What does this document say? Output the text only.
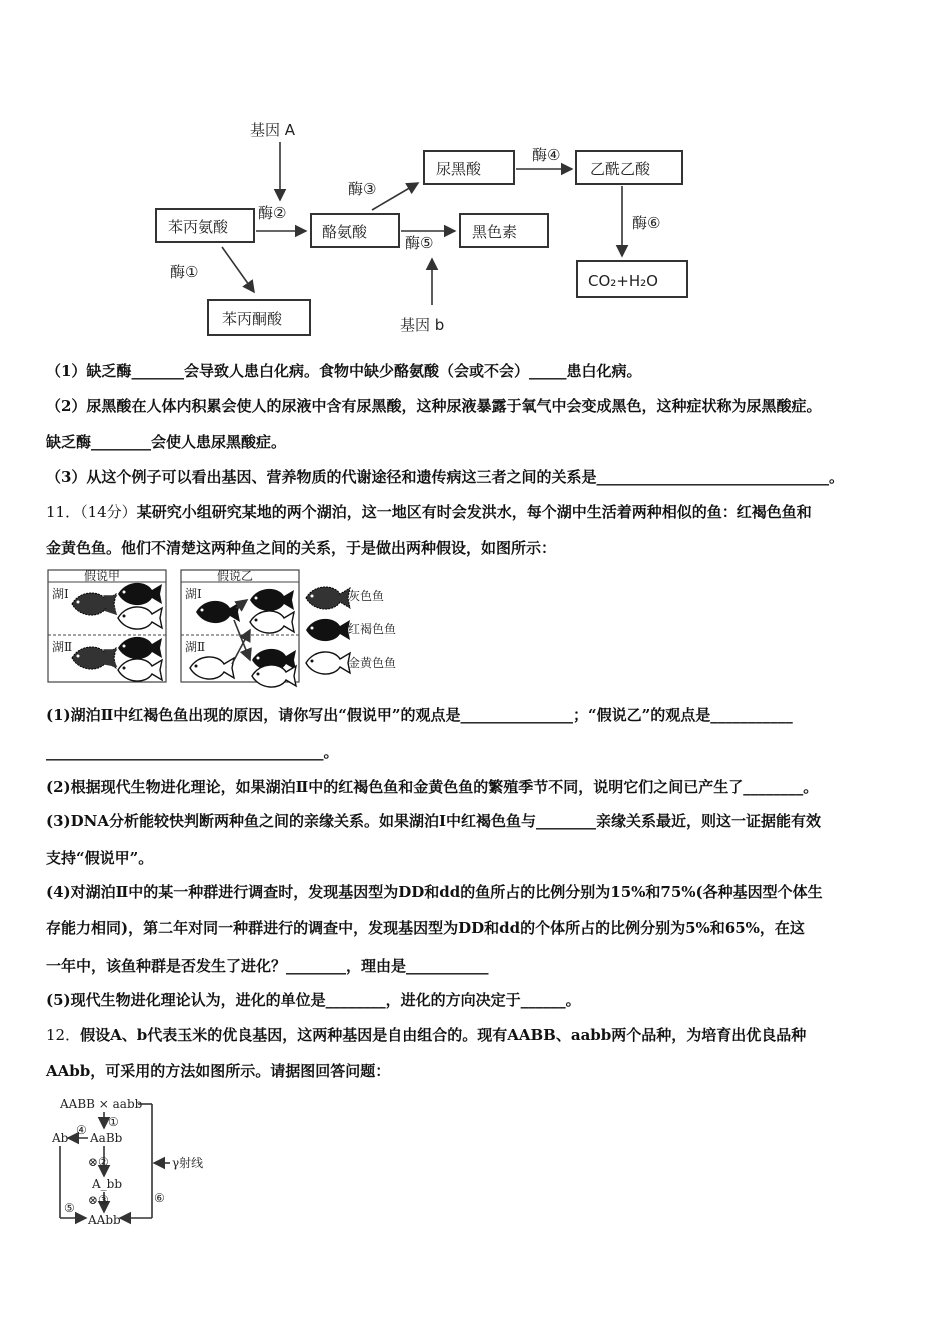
基因 A
酶②
苯丙氨酸	酪氨酸
酶③
尿黑酸
酶④
乙酰乙酸
酶⑥
CO₂+H₂O
酶⑤
黑色素
基因 b
酶①
苯丙酮酸
（1）缺乏酶_______会导致人患白化病。食物中缺少酪氨酸（会或不会）_____患白化病。
（2）尿黑酸在人体内积累会使人的尿液中含有尿黑酸，这种尿液暴露于氧气中会变成黑色，这种症状称为尿黑酸症。
缺乏酶________会使人患尿黑酸症。
（3）从这个例子可以看出基因、营养物质的代谢途径和遗传病这三者之间的关系是_______________________________。
11．（14分）某研究小组研究某地的两个湖泊，这一地区有时会发洪水，每个湖中生活着两种相似的鱼：红褐色鱼和
金黄色鱼。他们不清楚这两种鱼之间的关系，于是做出两种假设，如图所示：
假说甲
湖Ⅰ
湖Ⅱ
假说乙
湖Ⅰ
湖Ⅱ
灰色鱼
红褐色鱼
金黄色鱼
(1)湖泊Ⅱ中红褐色鱼出现的原因，请你写出“假说甲”的观点是_______________；“假说乙”的观点是___________
_____________________________________。
(2)根据现代生物进化理论，如果湖泊Ⅱ中的红褐色鱼和金黄色鱼的繁殖季节不同，说明它们之间已产生了________。
(3)DNA分析能较快判断两种鱼之间的亲缘关系。如果湖泊Ⅰ中红褐色鱼与________亲缘关系最近，则这一证据能有效
支持“假说甲”。
(4)对湖泊Ⅱ中的某一种群进行调查时，发现基因型为DD和dd的鱼所占的比例分别为15%和75%(各种基因型个体生
存能力相同)，第二年对同一种群进行的调查中，发现基因型为DD和dd的个体所占的比例分别为5%和65%，在这
一年中，该鱼种群是否发生了进化？________，理由是___________
(5)现代生物进化理论认为，进化的单位是________，进化的方向决定于______。
12．假设A、b代表玉米的优良基因，这两种基因是自由组合的。现有AABB、aabb两个品种，为培育出优良品种
AAbb，可采用的方法如图所示。请据图回答问题：
AABB × aabb
⑥
①
AaBb
④
Ab
⑤
⊗②	γ射线
A_bb
⊗③
AAbb
